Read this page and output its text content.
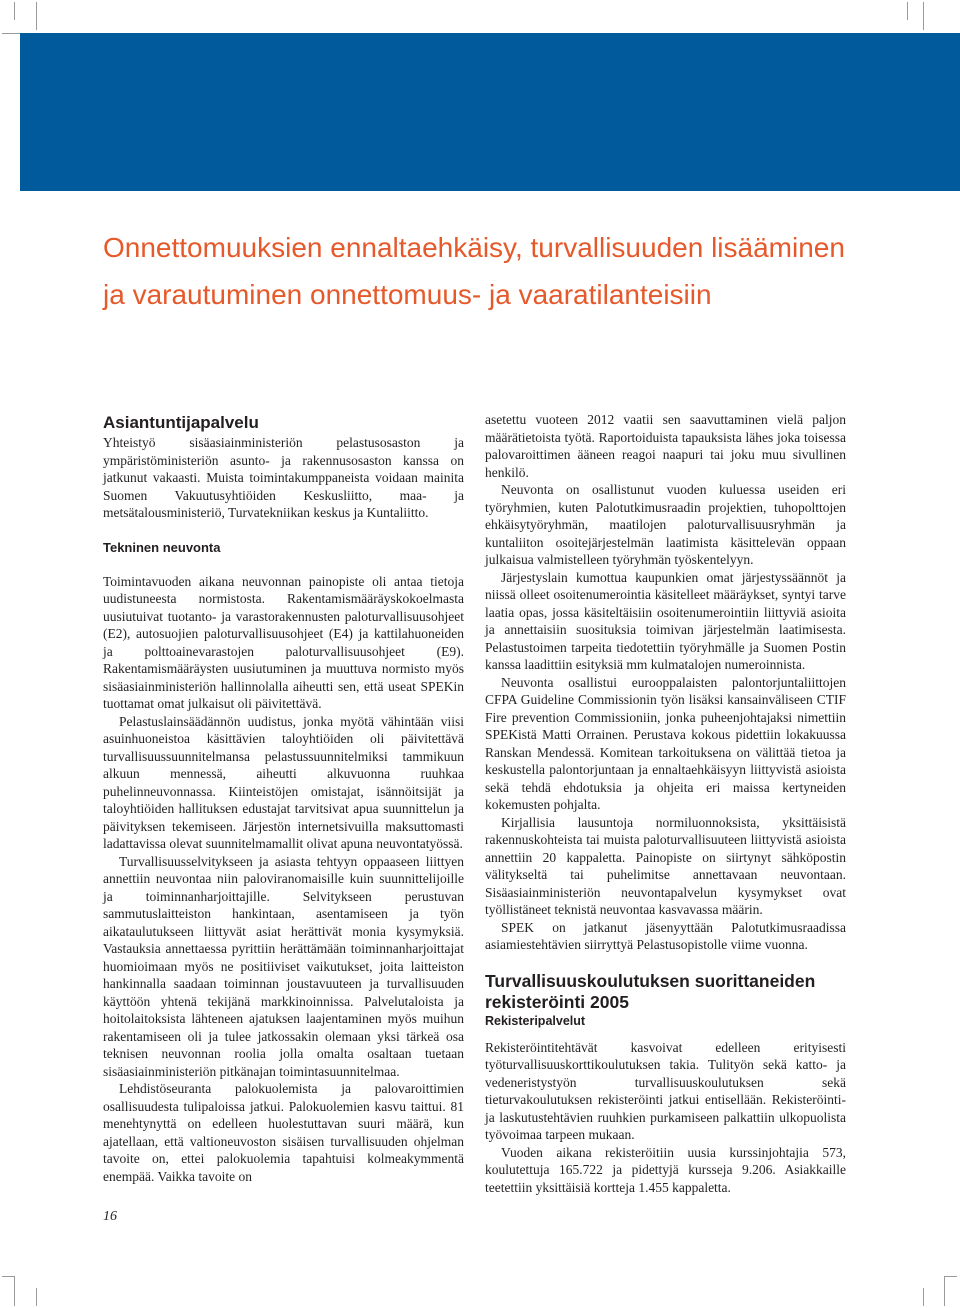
Onnettomuuksien ennaltaehkäisy, turvallisuuden lisääminen
ja varautuminen onnettomuus- ja vaaratilanteisiin
Asiantuntijapalvelu

Yhteistyö sisäasiainministeriön pelastusosaston ja ympäristöministeriön asunto- ja rakennusosaston kanssa on jatkunut vakaasti. Muista toimintakumppaneista voidaan mainita Suomen Vakuutusyhtiöiden Keskusliitto, maa- ja metsätalousministeriö, Turvatekniikan keskus ja Kuntaliitto.

Tekninen neuvonta

Toimintavuoden aikana neuvonnan painopiste oli antaa tietoja uudistuneesta normistosta. Rakentamismääräyskokoelmasta uusiutuivat tuotanto- ja varastorakennusten paloturvallisuusohjeet (E2), autosuojien paloturvallisuusohjeet (E4) ja kattilahuoneiden ja polttoainevarastojen paloturvallisuusohjeet (E9). Rakentamismääräysten uusiutuminen ja muuttuva normisto myös sisäasiainministeriön hallinnolalla aiheutti sen, että useat SPEKin tuottamat omat julkaisut oli päivitettävä.

Pelastuslainsäädännön uudistus, jonka myötä vähintään viisi asuinhuoneistoa käsittävien taloyhtiöiden oli päivitettävä turvallisuussuunnitelmansa pelastussuunnitelmiksi tammikuun alkuun mennessä, aiheutti alkuvuonna ruuhkaa puhelinneuvonnassa. Kiinteistöjen omistajat, isännöitsijät ja taloyhtiöiden hallituksen edustajat tarvitsivat apua suunnittelun ja päivityksen tekemiseen. Järjestön internetsivuilla maksuttomasti ladattavissa olevat suunnitelmamallit olivat apuna neuvontatyössä.

Turvallisuusselvitykseen ja asiasta tehtyyn oppaaseen liittyen annettiin neuvontaa niin paloviranomaisille kuin suunnittelijoille ja toiminnanharjoittajille. Selvitykseen perustuvan sammutuslaitteiston hankintaan, asentamiseen ja työn aikataulutukseen liittyvät asiat herättivät monia kysymyksiä. Vastauksia annettaessa pyrittiin herättämään toiminnanharjoittajat huomioimaan myös ne positiiviset vaikutukset, joita laitteiston hankinnalla saadaan toiminnan joustavuuteen ja turvallisuuden käyttöön yhtenä tekijänä markkinoinnissa. Palvelutaloista ja hoitolaitoksista lähteneen ajatuksen laajentaminen myös muihun rakentamiseen oli ja tulee jatkossakin olemaan yksi tärkeä osa teknisen neuvonnan roolia jolla omalta osaltaan tuetaan sisäasiainministeriön pitkänajan toimintasuunnitelmaa.

Lehdistöseuranta palokuolemista ja palovaroittimien osallisuudesta tulipaloissa jatkui. Palokuolemien kasvu taittui. 81 menehtynyttä on edelleen huolestuttavan suuri määrä, kun ajatellaan, että valtioneuvoston sisäisen turvallisuuden ohjelman tavoite on, ettei palokuolemia tapahtuisi kolmeakymmentä enempää. Vaikka tavoite on

asetettu vuoteen 2012 vaatii sen saavuttaminen vielä paljon määrätietoista työtä. Raportoiduista tapauksista lähes joka toisessa palovaroittimen ääneen reagoi naapuri tai joku muu sivullinen henkilö.

Neuvonta on osallistunut vuoden kuluessa useiden eri työryhmien, kuten Palotutkimusraadin projektien, tuhopolttojen ehkäisytyöryhmän, maatilojen paloturvallisuusryhmän ja kuntaliiton osoitejärjestelmän laatimista käsittelevän oppaan julkaisua valmistelleen työryhmän työskentelyyn.

Järjestyslain kumottua kaupunkien omat järjestyssäännöt ja niissä olleet osoitenumerointia käsitelleet määräykset, syntyi tarve laatia opas, jossa käsiteltäisiin osoitenumerointiin liittyviä asioita ja annettaisiin suosituksia toimivan järjestelmän laatimisesta. Pelastustoimen tarpeita tiedotettiin työryhmälle ja Suomen Postin kanssa laadittiin esityksiä mm kulmatalojen numeroinnista.

Neuvonta osallistui eurooppalaisten palontorjuntaliittojen CFPA Guideline Commissionin työn lisäksi kansainväliseen CTIF Fire prevention Commissioniin, jonka puheenjohtajaksi nimettiin SPEKistä Matti Orrainen. Perustava kokous pidettiin lokakuussa Ranskan Mendessä. Komitean tarkoituksena on välittää tietoa ja keskustella palontorjuntaan ja ennaltaehkäisyyn liittyvistä asioista sekä tehdä ehdotuksia ja ohjeita eri maissa kertyneiden kokemusten pohjalta.

Kirjallisia lausuntoja normiluonnoksista, yksittäisistä rakennuskohteista tai muista paloturvallisuuteen liittyvistä asioista annettiin 20 kappaletta. Painopiste on siirtynyt sähköpostin välitykseltä tai puhelimitse annettavaan neuvontaan. Sisäasiainministeriön neuvontapalvelun kysymykset ovat työllistäneet teknistä neuvontaa kasvavassa määrin.

SPEK on jatkanut jäsenyyttään Palotutkimusraadissa asiamiestehtävien siirryttyä Pelastusopistolle viime vuonna.

Turvallisuuskoulutuksen suorittaneiden
rekisteröinti 2005
Rekisteripalvelut

Rekisteröintitehtävät kasvoivat edelleen erityisesti työturvallisuuskorttikoulutuksen takia. Tulityön sekä katto- ja vedeneristystyön turvallisuuskoulutuksen sekä tieturvakoulutuksen rekisteröinti jatkui entisellään. Rekisteröinti- ja laskutustehtävien ruuhkien purkamiseen palkattiin ulkopuolista työvoimaa tarpeen mukaan.

Vuoden aikana rekisteröitiin uusia kurssinjohtajia 573, koulutettuja 165.722 ja pidettyjä kursseja 9.206. Asiakkaille teetettiin yksittäisiä kortteja 1.455 kappaletta.

16
